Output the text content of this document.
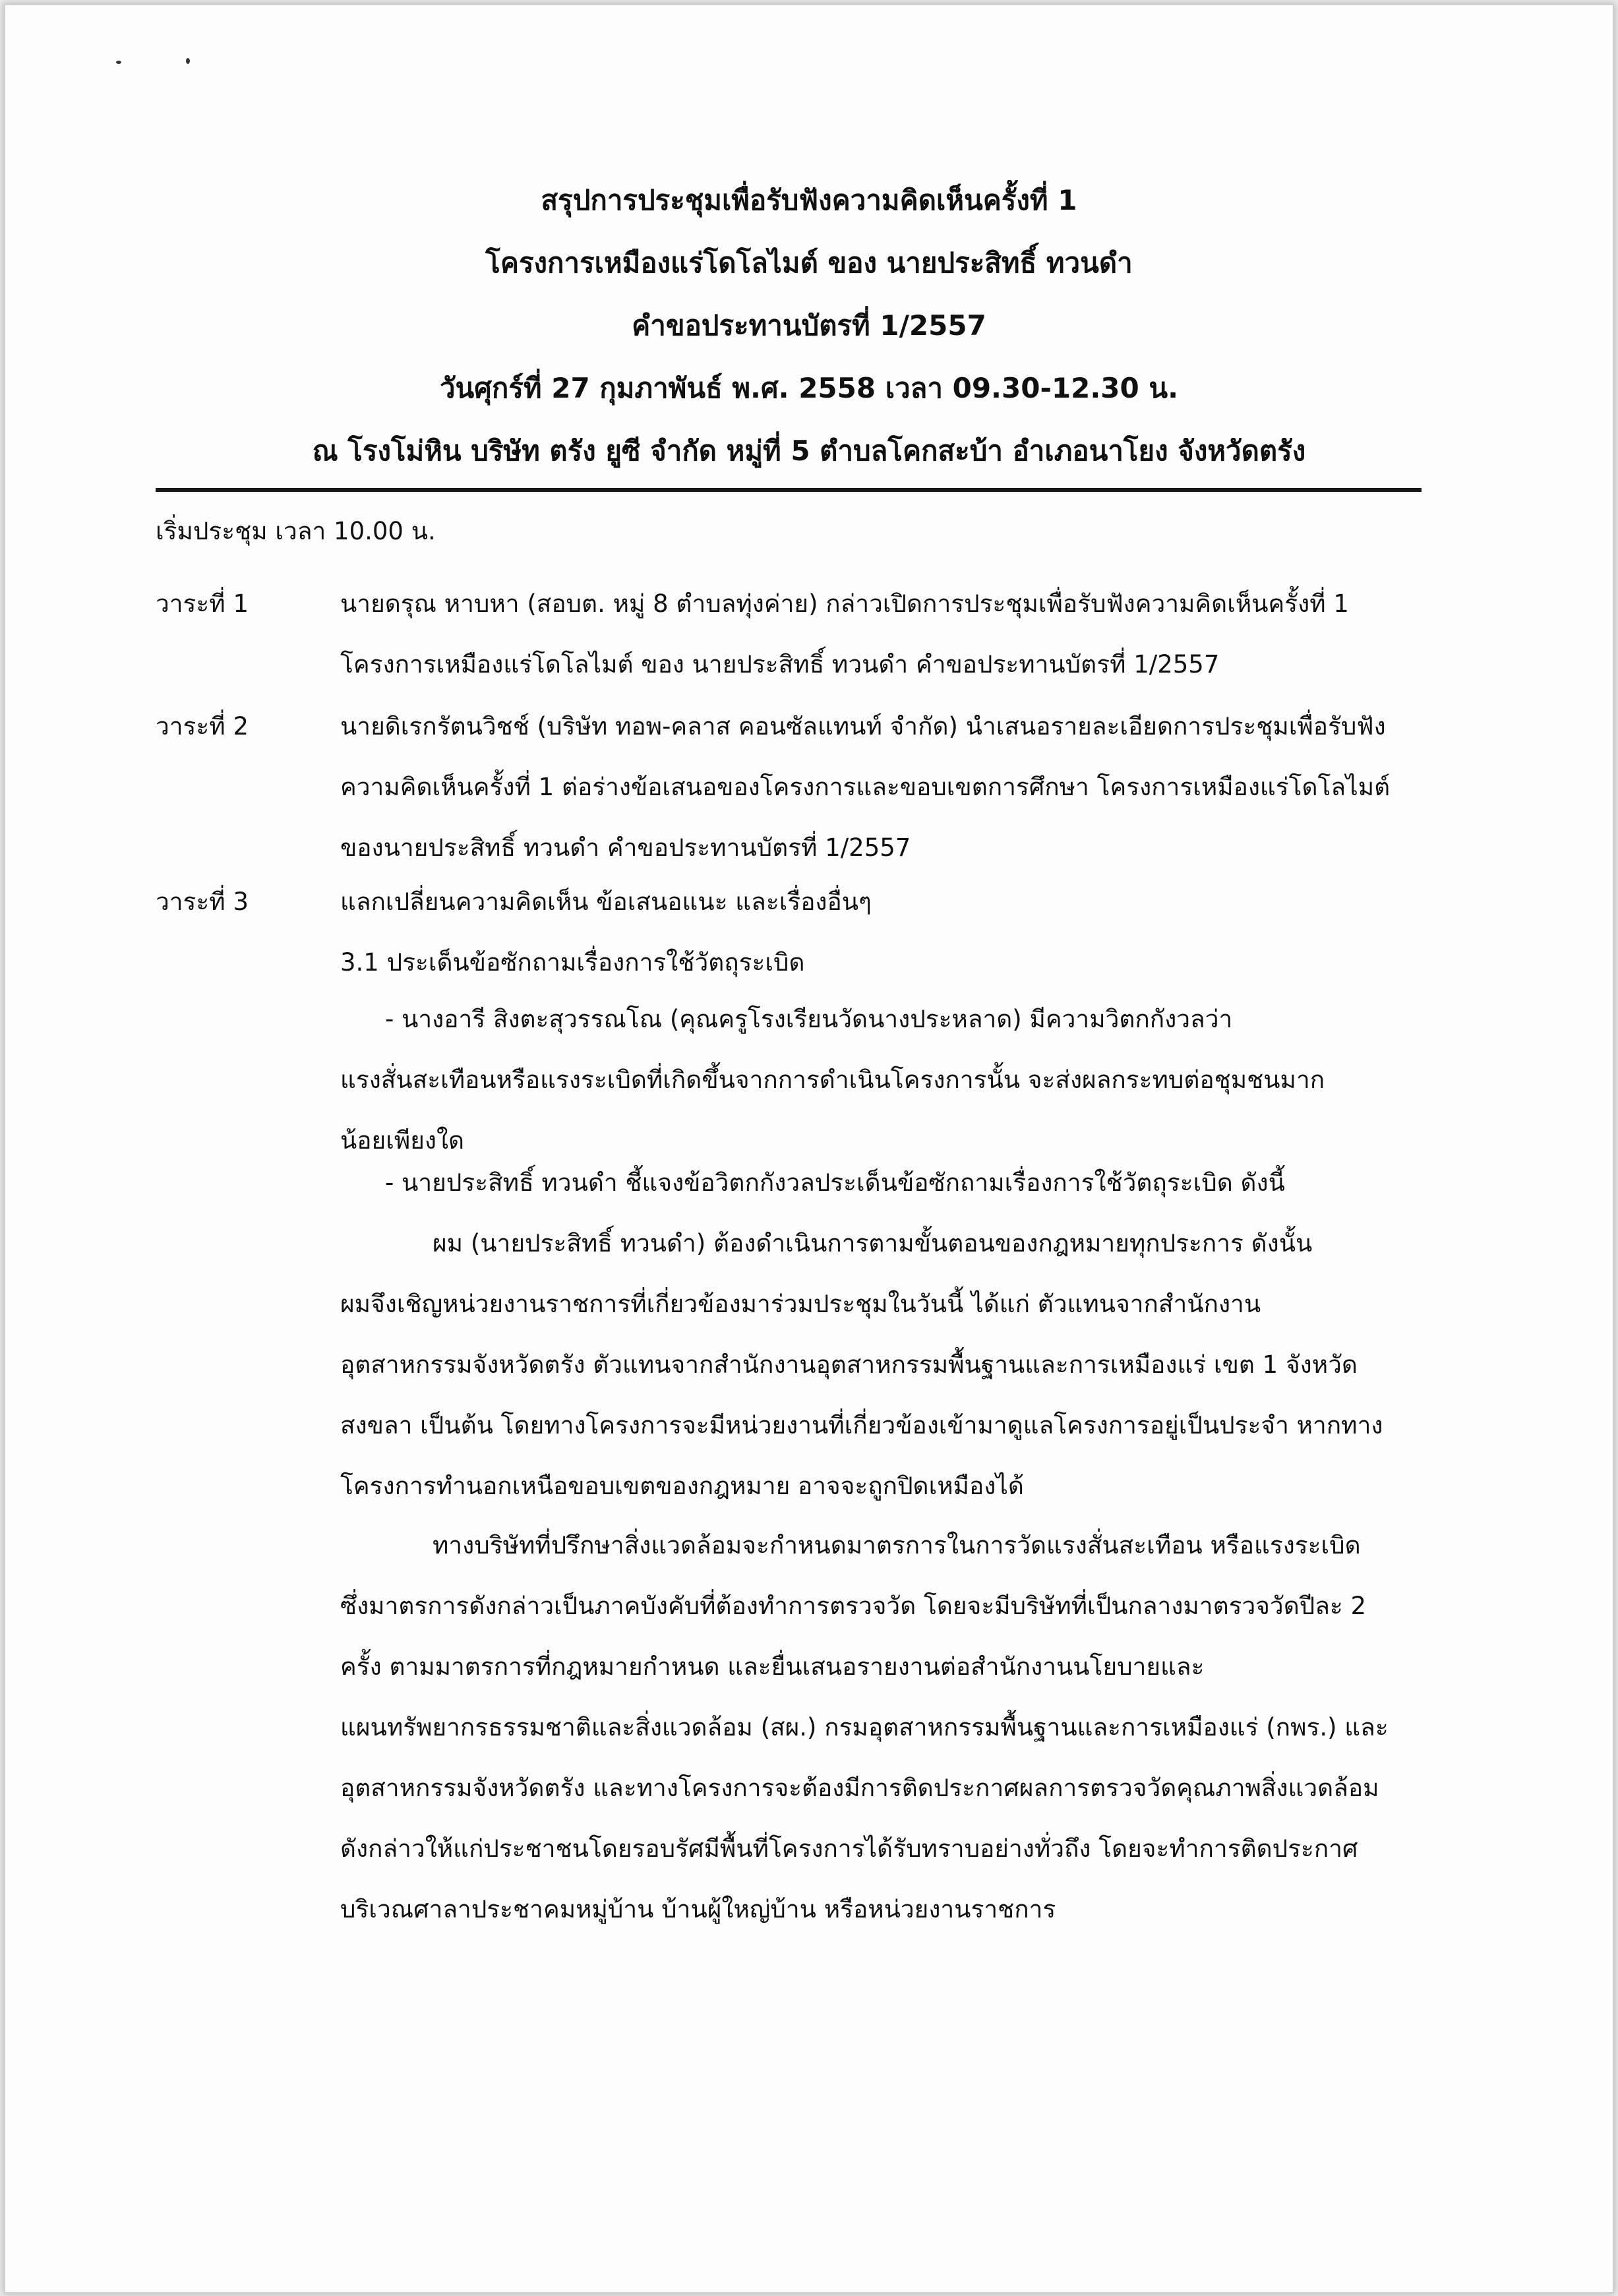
สรุปการประชุมเพื่อรับฟังความคิดเห็นครั้งที่ 1
โครงการเหมืองแร่โดโลไมต์ ของ นายประสิทธิ์ ทวนดำ
คำขอประทานบัตรที่ 1/2557
วันศุกร์ที่ 27 กุมภาพันธ์ พ.ศ. 2558 เวลา 09.30-12.30 น.
ณ โรงโม่หิน บริษัท ตรัง ยูซี จำกัด หมู่ที่ 5 ตำบลโคกสะบ้า อำเภอนาโยง จังหวัดตรัง
เริ่มประชุม เวลา 10.00 น.
วาระที่ 1	นายดรุณ หาบหา (สอบต. หมู่ 8 ตำบลทุ่งค่าย) กล่าวเปิดการประชุมเพื่อรับฟังความคิดเห็นครั้งที่ 1
โครงการเหมืองแร่โดโลไมต์ ของ นายประสิทธิ์ ทวนดำ คำขอประทานบัตรที่ 1/2557
วาระที่ 2	นายดิเรกรัตนวิชช์ (บริษัท ทอพ-คลาส คอนซัลแทนท์ จำกัด) นำเสนอรายละเอียดการประชุมเพื่อรับฟัง
ความคิดเห็นครั้งที่ 1 ต่อร่างข้อเสนอของโครงการและขอบเขตการศึกษา โครงการเหมืองแร่โดโลไมต์
ของนายประสิทธิ์ ทวนดำ คำขอประทานบัตรที่ 1/2557
วาระที่ 3	แลกเปลี่ยนความคิดเห็น ข้อเสนอแนะ และเรื่องอื่นๆ
3.1 ประเด็นข้อซักถามเรื่องการใช้วัตถุระเบิด
- นางอารี สิงตะสุวรรณโณ (คุณครูโรงเรียนวัดนางประหลาด) มีความวิตกกังวลว่า
แรงสั่นสะเทือนหรือแรงระเบิดที่เกิดขึ้นจากการดำเนินโครงการนั้น จะส่งผลกระทบต่อชุมชนมาก
น้อยเพียงใด
- นายประสิทธิ์ ทวนดำ ชี้แจงข้อวิตกกังวลประเด็นข้อซักถามเรื่องการใช้วัตถุระเบิด ดังนี้
ผม (นายประสิทธิ์ ทวนดำ) ต้องดำเนินการตามขั้นตอนของกฎหมายทุกประการ ดังนั้น
ผมจึงเชิญหน่วยงานราชการที่เกี่ยวข้องมาร่วมประชุมในวันนี้ ได้แก่ ตัวแทนจากสำนักงาน
อุตสาหกรรมจังหวัดตรัง ตัวแทนจากสำนักงานอุตสาหกรรมพื้นฐานและการเหมืองแร่ เขต 1 จังหวัด
สงขลา เป็นต้น โดยทางโครงการจะมีหน่วยงานที่เกี่ยวข้องเข้ามาดูแลโครงการอยู่เป็นประจำ หากทาง
โครงการทำนอกเหนือขอบเขตของกฎหมาย อาจจะถูกปิดเหมืองได้
ทางบริษัทที่ปรึกษาสิ่งแวดล้อมจะกำหนดมาตรการในการวัดแรงสั่นสะเทือน หรือแรงระเบิด
ซึ่งมาตรการดังกล่าวเป็นภาคบังคับที่ต้องทำการตรวจวัด โดยจะมีบริษัทที่เป็นกลางมาตรวจวัดปีละ 2
ครั้ง ตามมาตรการที่กฎหมายกำหนด และยื่นเสนอรายงานต่อสำนักงานนโยบายและ
แผนทรัพยากรธรรมชาติและสิ่งแวดล้อม (สผ.) กรมอุตสาหกรรมพื้นฐานและการเหมืองแร่ (กพร.) และ
อุตสาหกรรมจังหวัดตรัง และทางโครงการจะต้องมีการติดประกาศผลการตรวจวัดคุณภาพสิ่งแวดล้อม
ดังกล่าวให้แก่ประชาชนโดยรอบรัศมีพื้นที่โครงการได้รับทราบอย่างทั่วถึง โดยจะทำการติดประกาศ
บริเวณศาลาประชาคมหมู่บ้าน บ้านผู้ใหญ่บ้าน หรือหน่วยงานราชการ
